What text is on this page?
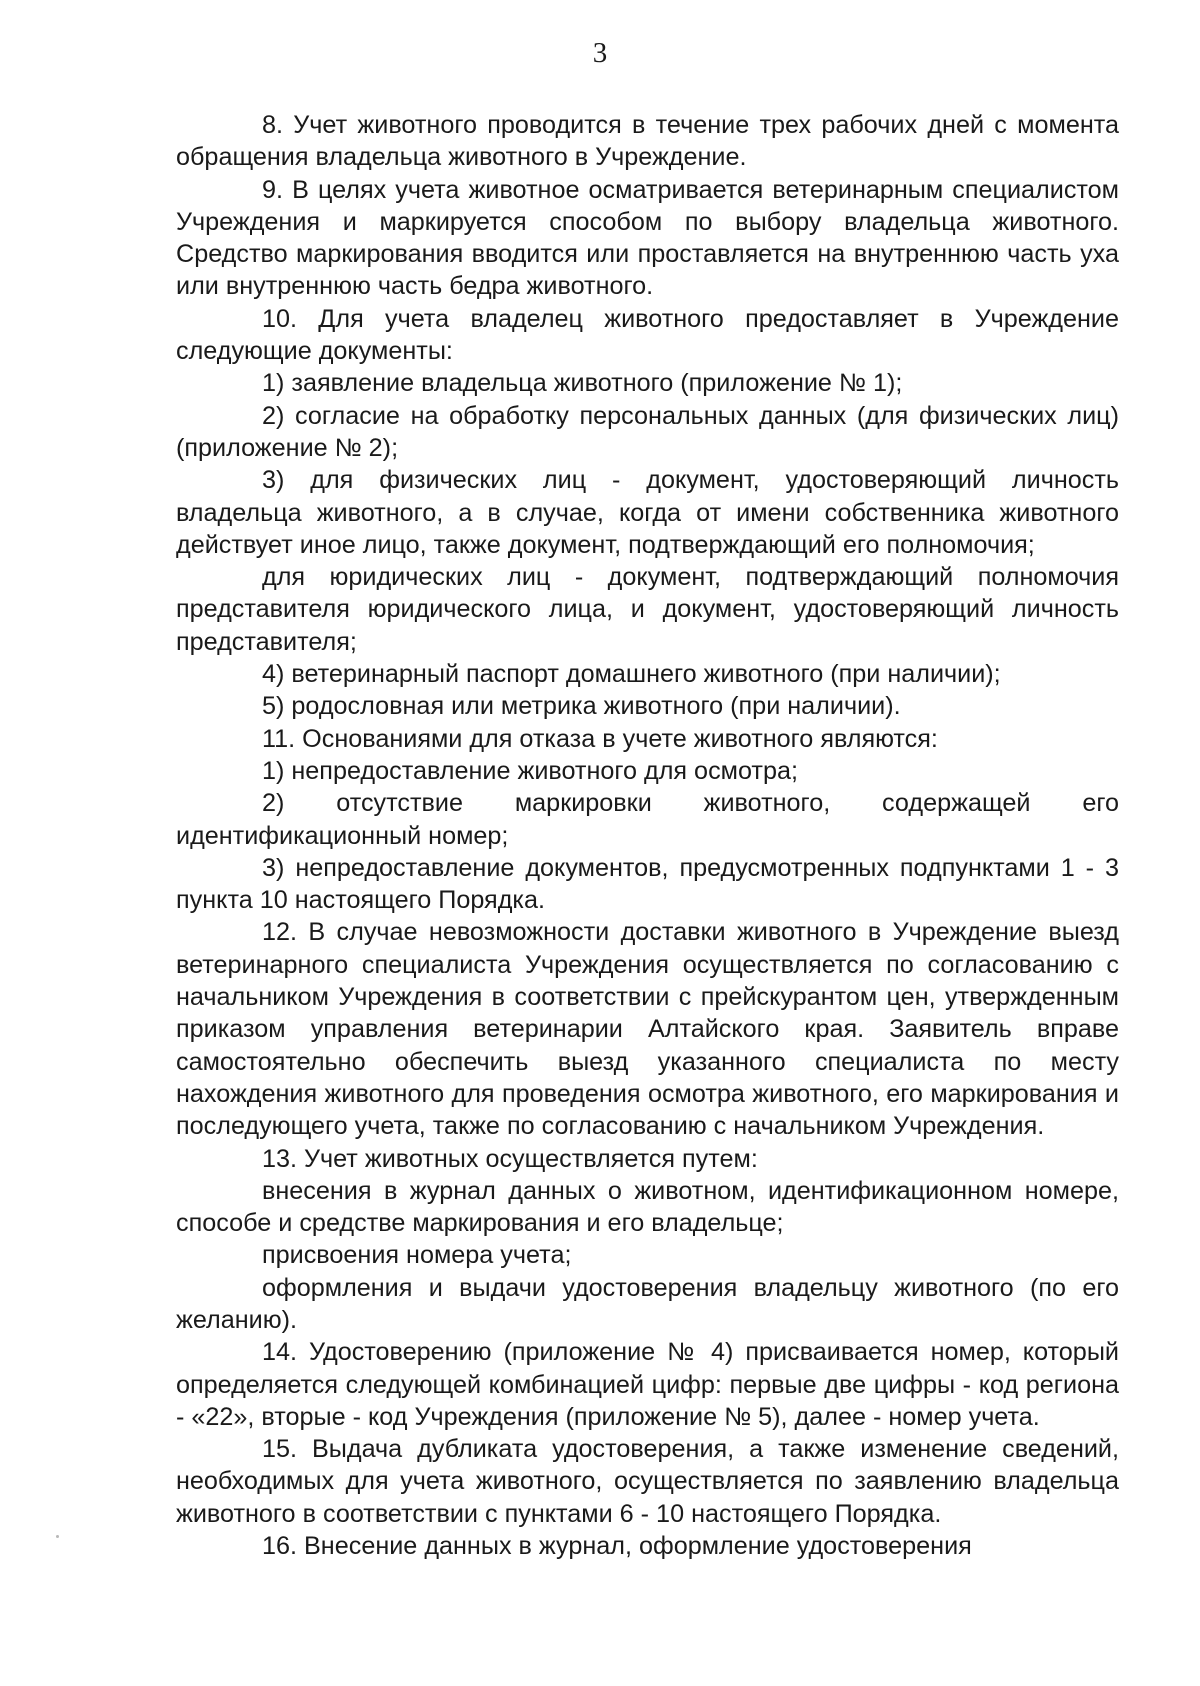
3

8. Учет животного проводится в течение трех рабочих дней с момента обращения владельца животного в Учреждение.

9. В целях учета животное осматривается ветеринарным специалистом Учреждения и маркируется способом по выбору владельца животного. Средство маркирования вводится или проставляется на внутреннюю часть уха или внутреннюю часть бедра животного.

10. Для учета владелец животного предоставляет в Учреждение следующие документы:

1) заявление владельца животного (приложение № 1);

2) согласие на обработку персональных данных (для физических лиц) (приложение № 2);

3) для физических лиц - документ, удостоверяющий личность владельца животного, а в случае, когда от имени собственника животного действует иное лицо, также документ, подтверждающий его полномочия;

для юридических лиц - документ, подтверждающий полномочия представителя юридического лица, и документ, удостоверяющий личность представителя;

4) ветеринарный паспорт домашнего животного (при наличии);

5) родословная или метрика животного (при наличии).

11. Основаниями для отказа в учете животного являются:

1) непредоставление животного для осмотра;

2) отсутствие маркировки животного, содержащей его идентификационный номер;

3) непредоставление документов, предусмотренных подпунктами 1 - 3 пункта 10 настоящего Порядка.

12. В случае невозможности доставки животного в Учреждение выезд ветеринарного специалиста Учреждения осуществляется по согласованию с начальником Учреждения в соответствии с прейскурантом цен, утвержденным приказом управления ветеринарии Алтайского края. Заявитель вправе самостоятельно обеспечить выезд указанного специалиста по месту нахождения животного для проведения осмотра животного, его маркирования и последующего учета, также по согласованию с начальником Учреждения.

13. Учет животных осуществляется путем:

внесения в журнал данных о животном, идентификационном номере, способе и средстве маркирования и его владельце;

присвоения номера учета;

оформления и выдачи удостоверения владельцу животного (по его желанию).

14. Удостоверению (приложение № 4) присваивается номер, который определяется следующей комбинацией цифр: первые две цифры - код региона - «22», вторые - код Учреждения (приложение № 5), далее - номер учета.

15. Выдача дубликата удостоверения, а также изменение сведений, необходимых для учета животного, осуществляется по заявлению владельца животного в соответствии с пунктами 6 - 10 настоящего Порядка.

16. Внесение данных в журнал, оформление удостоверения
